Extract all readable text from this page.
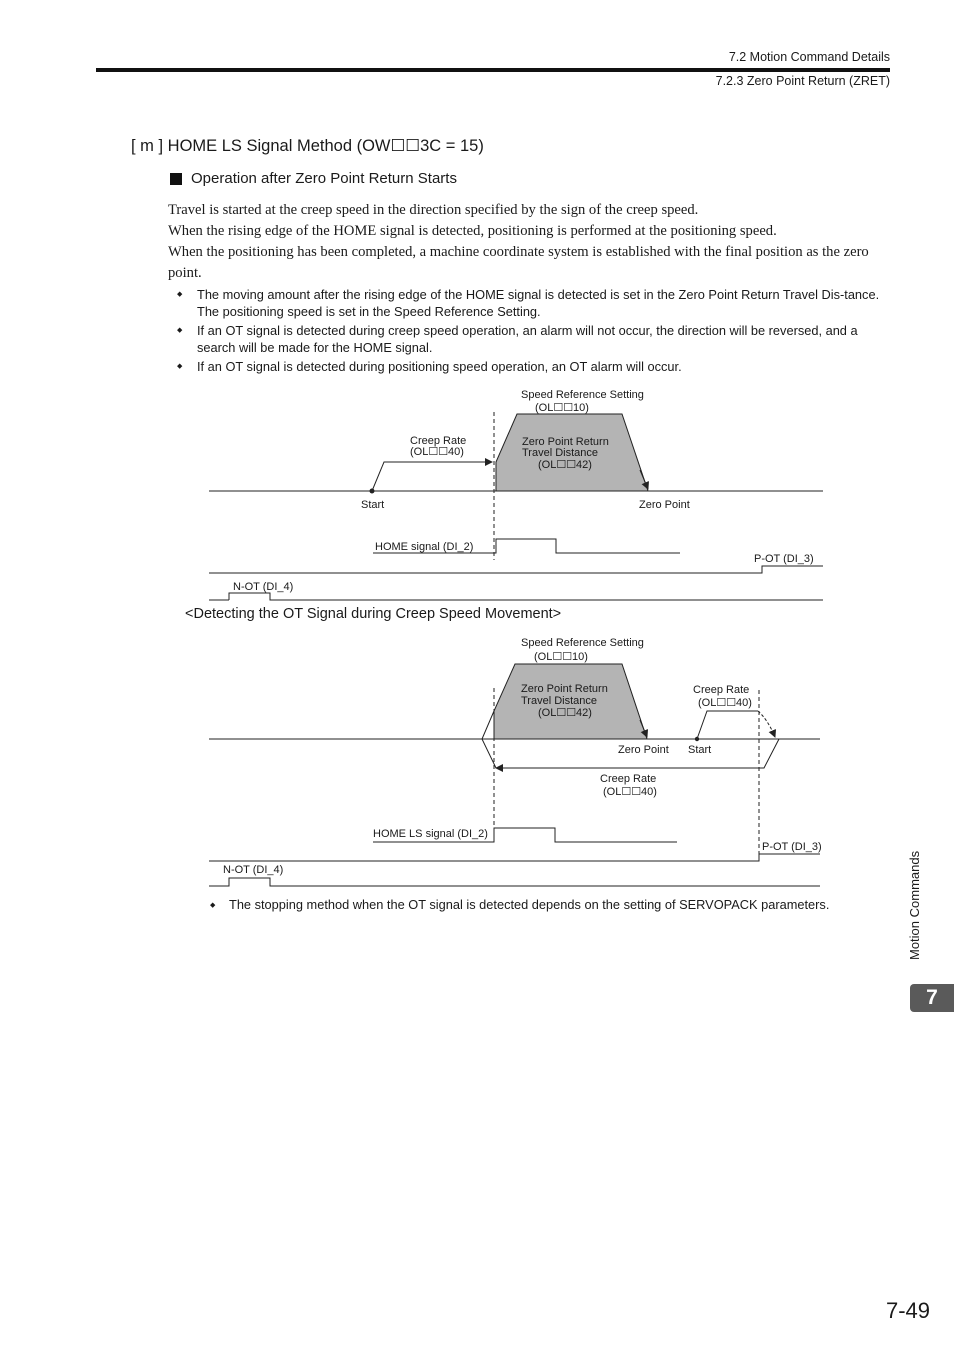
7.2 Motion Command Details
7.2.3 Zero Point Return (ZRET)
[ m ] HOME LS Signal Method (OW☐☐3C = 15)
Operation after Zero Point Return Starts

Travel is started at the creep speed in the direction specified by the sign of the creep speed.

When the rising edge of the HOME signal is detected, positioning is performed at the positioning speed.

When the positioning has been completed, a machine coordinate system is established with the final position as the zero point.

◆	The moving amount after the rising edge of the HOME signal is detected is set in the Zero Point Return Travel Dis-tance. The positioning speed is set in the Speed Reference Setting.
◆	If an OT signal is detected during creep speed operation, an alarm will not occur, the direction will be reversed, and a search will be made for the HOME signal.
◆	If an OT signal is detected during positioning speed operation, an OT alarm will occur.
Speed Reference Setting
(OL☐☐10)
Creep Rate
(OL☐☐40)
Zero Point Return
Travel Distance
(OL☐☐42)
Start	Zero Point
HOME signal (DI_2)
P-OT (DI_3)
N-OT (DI_4)
<Detecting the OT Signal during Creep Speed Movement>
Speed Reference Setting
(OL☐☐10)
Zero Point Return
Travel Distance
(OL☐☐42)
Creep Rate
(OL☐☐40)
Zero Point Start
Creep Rate
(OL☐☐40)
HOME LS signal (DI_2)
P-OT (DI_3)
N-OT (DI_4)
◆	The stopping method when the OT signal is detected depends on the setting of SERVOPACK parameters.	Motion Commands
7
7-49
